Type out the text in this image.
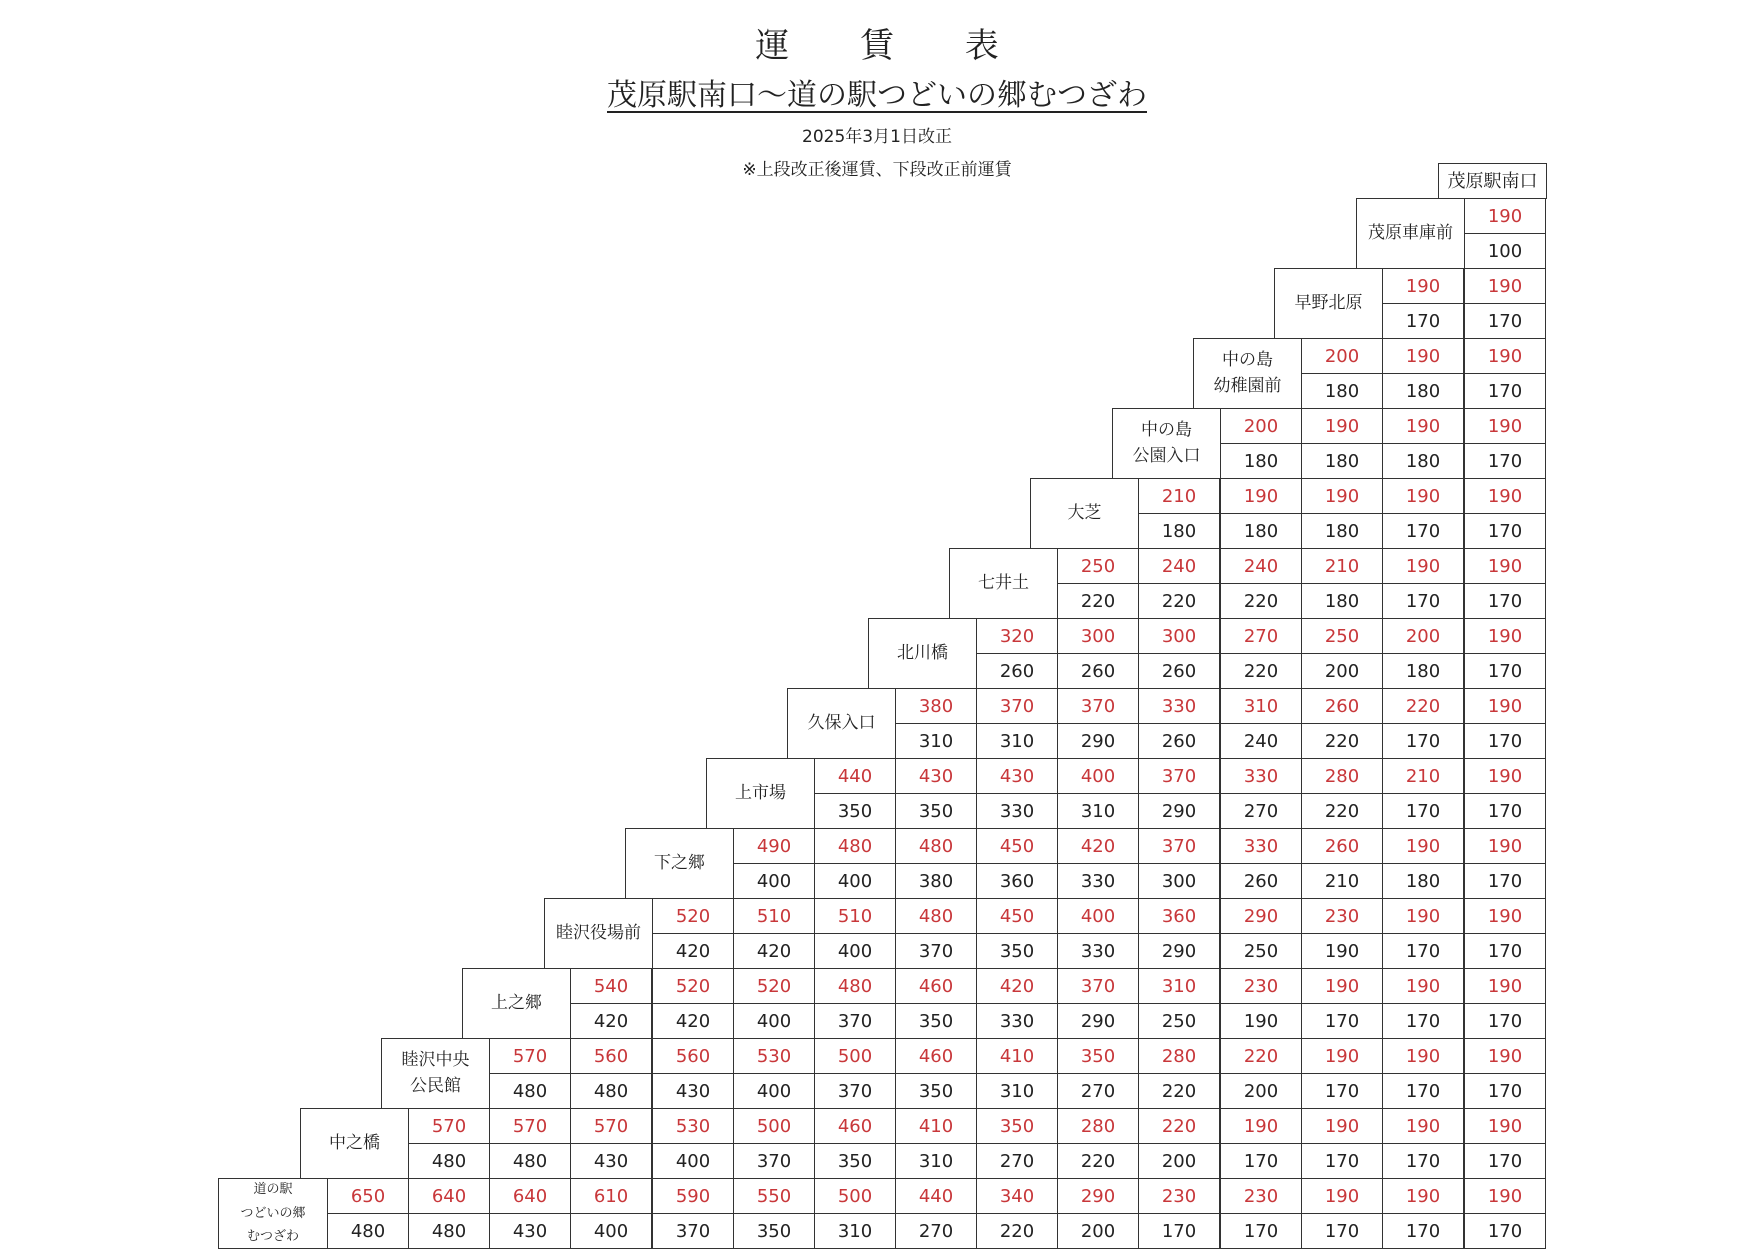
運 賃 表
茂原駅南口～道の駅つどいの郷むつざわ
2025年3月1日改正
※上段改正後運賃、下段改正前運賃
茂原駅南口
茂原車庫前
190
100
早野北原
190
170
190
170
中の島
幼稚園前
190
170
190
180
200
180
中の島
公園入口
190
170
190
180
190
180
200
180
大芝
190
170
190
170
190
180
190
180
210
180
七井土
190
170
190
170
210
180
240
220
240
220
250
220
北川橋
190
170
200
180
250
200
270
220
300
260
300
260
320
260
久保入口
190
170
220
170
260
220
310
240
330
260
370
290
370
310
380
310
上市場
190
170
210
170
280
220
330
270
370
290
400
310
430
330
430
350
440
350
下之郷
190
170
190
180
260
210
330
260
370
300
420
330
450
360
480
380
480
400
490
400
睦沢役場前
190
170
190
170
230
190
290
250
360
290
400
330
450
350
480
370
510
400
510
420
520
420
上之郷
190
170
190
170
190
170
230
190
310
250
370
290
420
330
460
350
480
370
520
400
520
420
540
420
睦沢中央
公民館
190
170
190
170
190
170
220
200
280
220
350
270
410
310
460
350
500
370
530
400
560
430
560
480
570
480
中之橋
190
170
190
170
190
170
190
170
220
200
280
220
350
270
410
310
460
350
500
370
530
400
570
430
570
480
570
480
道の駅
つどいの郷
むつざわ
190
170
190
170
190
170
230
170
230
170
290
200
340
220
440
270
500
310
550
350
590
370
610
400
640
430
640
480
650
480
